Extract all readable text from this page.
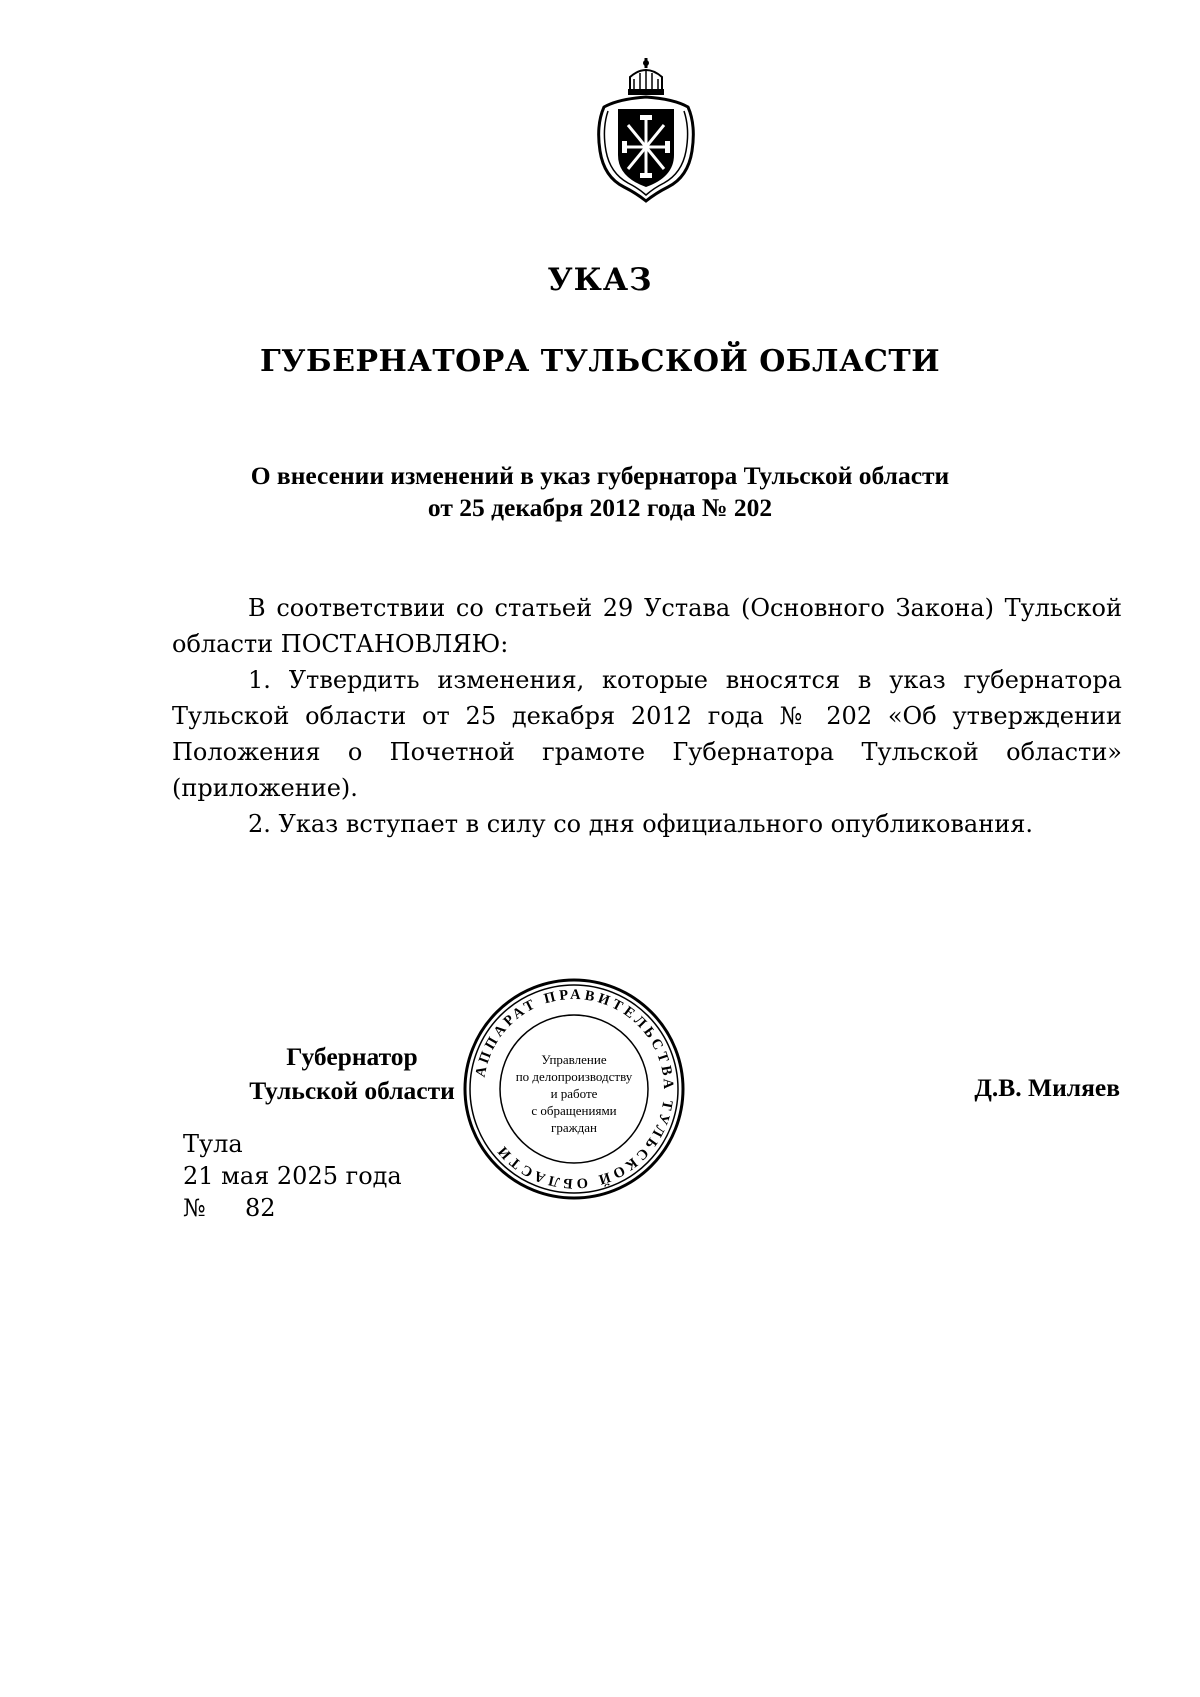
УКАЗ
ГУБЕРНАТОРА ТУЛЬСКОЙ ОБЛАСТИ
О внесении изменений в указ губернатора Тульской области
от 25 декабря 2012 года № 202

В соответствии со статьей 29 Устава (Основного Закона) Тульской области ПОСТАНОВЛЯЮ:

1. Утвердить изменения, которые вносятся в указ губернатора Тульской области от 25 декабря 2012 года № 202 «Об утверждении Положения о Почетной грамоте Губернатора Тульской области» (приложение).

2. Указ вступает в силу со дня официального опубликования.

Губернатор
Тульской области	Д.В. Миляев
Тула
21 мая 2025 года
№ 82
АППАРАТ ПРАВИТЕЛЬСТВА ТУЛЬСКОЙ ОБЛАСТИ
Управление
по делопроизводству
и работе
с обращениями
граждан
